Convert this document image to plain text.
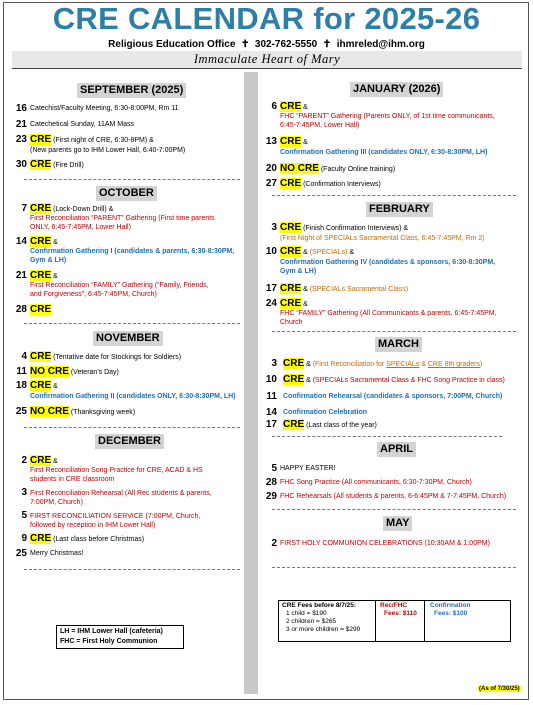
CRE CALENDAR for 2025-26
Religious Education Office ✝ 302-762-5550 ✝ ihmreled@ihm.org
Immaculate Heart of Mary
SEPTEMBER (2025)
16 Catechist/Faculty Meeting, 6:30-8:00PM, Rm 11
21 Catechetical Sunday, 11AM Mass
23 CRE (First night of CRE, 6:30-8PM) &
(New parents go to IHM Lower Hall, 6:40-7:00PM)
30 CRE (Fire Drill)
OCTOBER
7 CRE (Lock-Down Drill) &
First Reconciliation “PARENT” Gathering (First time parents
ONLY, 6:45-7:45PM, Lower Hall)
14 CRE &
Confirmation Gathering I (candidates & parents, 6:30-8:30PM,
Gym & LH)
21 CRE &
First Reconciliation “FAMILY” Gathering (“Family, Friends,
and Forgiveness”, 6:45-7:45PM, Church)
28 CRE
NOVEMBER
4 CRE (Tentative date for Stockings for Soldiers)
11 NO CRE (Veteran's Day)
18 CRE &
Confirmation Gathering II (candidates ONLY, 6:30-8:30PM, LH)
25 NO CRE (Thanksgiving week)
DECEMBER
2 CRE &
First Reconciliation Song Practice for CRE, ACAD & HS
students in CRE classroom
3 First Reconciliation Rehearsal (All Rec students & parents,
7:00PM, Church)
5 FIRST RECONCILIATION SERVICE (7:00PM, Church,
followed by reception in IHM Lower Hall)
9 CRE (Last class before Christmas)
25 Merry Christmas!
JANUARY (2026)
6 CRE &
FHC “PARENT” Gathering (Parents ONLY, of 1st time communicants,
6:45-7:45PM, Lower Hall)
13 CRE &
Confirmation Gathering III (candidates ONLY, 6:30-8:30PM, LH)
20 NO CRE (Faculty Online training)
27 CRE (Confirmation Interviews)
FEBRUARY
3 CRE (Finish Confirmation Interviews) &
(First Night of SPECIALs Sacramental Class, 6:45-7:45PM, Rm 2)
10 CRE & (SPECIALs) &
Confirmation Gathering IV (candidates & sponsors, 6:30-8:30PM,
Gym & LH)
17 CRE & (SPECIALs Sacramental Class)
24 CRE &
FHC “FAMILY” Gathering (All Communicants & parents, 6:45-7:45PM,
Church
MARCH
3 CRE & (First Reconciliation for SPECIALs & CRE 8th graders)
10 CRE & (SPECIALs Sacramental Class & FHC Song Practice in class)
11 Confirmation Rehearsal (candidates & sponsors, 7:00PM, Church)
14 Confirmation Celebration
17 CRE (Last class of the year)
APRIL
5 HAPPY EASTER!
28 FHC Song Practice (All communicants, 6:30-7:30PM, Church)
29 FHC Rehearsals (All students & parents, 6-6:45PM & 7-7:45PM, Church)
MAY
2 FIRST HOLY COMMUNION CELEBRATIONS (10:30AM & 1:00PM)
LH = IHM Lower Hall (cafeteria)
FHC = First Holy Communion
CRE Fees before 8/7/25:
1 child = $190
2 children = $265
3 or more children = $290
Rec/FHC
Fees: $110
Confirmation
Fees: $100
(As of 7/30/25)
